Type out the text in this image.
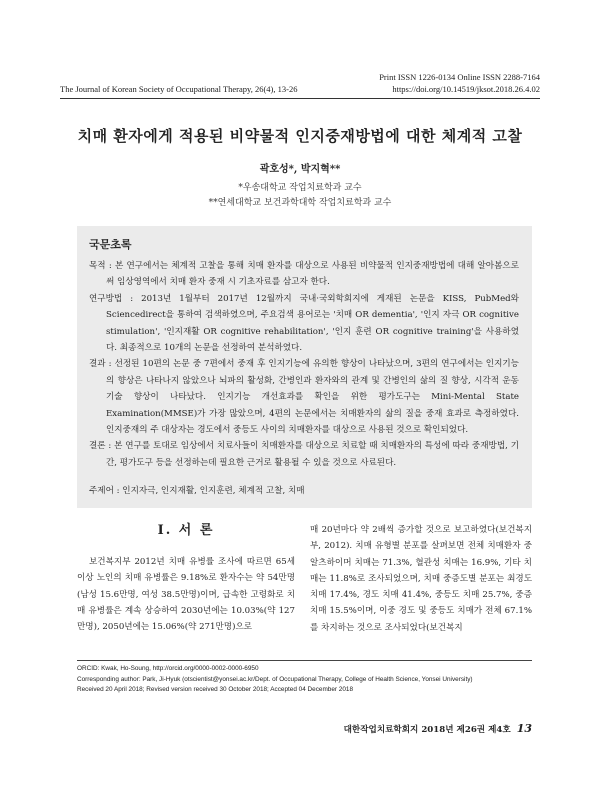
Print ISSN 1226-0134 Online ISSN 2288-7164
The Journal of Korean Society of Occupational Therapy, 26(4), 13-26	https://doi.org/10.14519/jksot.2018.26.4.02
치매 환자에게 적용된 비약물적 인지중재방법에 대한 체계적 고찰
곽호성*, 박지혁**
*우송대학교 작업치료학과 교수
**연세대학교 보건과학대학 작업치료학과 교수
국문초록
목적 : 본 연구에서는 체계적 고찰을 통해 치매 환자를 대상으로 사용된 비약물적 인지중재방법에 대해 알아봄으로써 임상영역에서 치매 환자 중재 시 기초자료를 삼고자 한다.
연구방법 : 2013년 1월부터 2017년 12월까지 국내·국외학회지에 게재된 논문을 KISS, PubMed와 Sciencedirect을 통하여 검색하였으며, 주요검색 용어로는 '치매 OR dementia', '인지 자극 OR cognitive stimulation', '인지재활 OR cognitive rehabilitation', '인지 훈련 OR cognitive training'을 사용하였다. 최종적으로 10개의 논문을 선정하여 분석하였다.
결과 : 선정된 10편의 논문 중 7편에서 중재 후 인지기능에 유의한 향상이 나타났으며, 3편의 연구에서는 인지기능의 향상은 나타나지 않았으나 뇌파의 활성화, 간병인과 환자와의 관계 및 간병인의 삶의 질 향상, 시각적 운동 기술 향상이 나타났다. 인지기능 개선효과를 확인을 위한 평가도구는 Mini-Mental State Examination(MMSE)가 가장 많았으며, 4편의 논문에서는 치매환자의 삶의 질을 중재 효과로 측정하였다. 인지중재의 주 대상자는 경도에서 중등도 사이의 치매환자를 대상으로 사용된 것으로 확인되었다.
결론 : 본 연구를 토대로 임상에서 치료사들이 치매환자를 대상으로 치료할 때 치매환자의 특성에 따라 중재방법, 기간, 평가도구 등을 선정하는데 필요한 근거로 활용될 수 있을 것으로 사료된다.
주제어 : 인지자극, 인지재활, 인지훈련, 체계적 고찰, 치매
Ⅰ. 서 론
보건복지부 2012년 치매 유병률 조사에 따르면 65세 이상 노인의 치매 유병률은 9.18%로 환자수는 약 54만명(남성 15.6만명, 여성 38.5만명)이며, 급속한 고령화로 치매 유병률은 계속 상승하여 2030년에는 10.03%(약 127만명), 2050년에는 15.06%(약 271만명)으로
매 20년마다 약 2배씩 증가할 것으로 보고하였다(보건복지부, 2012). 치매 유형별 분포를 살펴보면 전체 치매환자 중 알츠하이머 치매는 71.3%, 혈관성 치매는 16.9%, 기타 치매는 11.8%로 조사되었으며, 치매 중증도별 분포는 최경도 치매 17.4%, 경도 치매 41.4%, 중등도 치매 25.7%, 중증 치매 15.5%이며, 이중 경도 및 중등도 치매가 전체 67.1%를 차지하는 것으로 조사되었다(보건복지
ORCID: Kwak, Ho-Soung, http://orcid.org/0000-0002-0000-6950
Corresponding author: Park, Ji-Hyuk (otscientist@yonsei.ac.kr/Dept. of Occupational Therapy, College of Health Science, Yonsei University)
Received 20 April 2018; Revised version received 30 October 2018; Accepted 04 December 2018
대한작업치료학회지 2018년 제26권 제4호 13
